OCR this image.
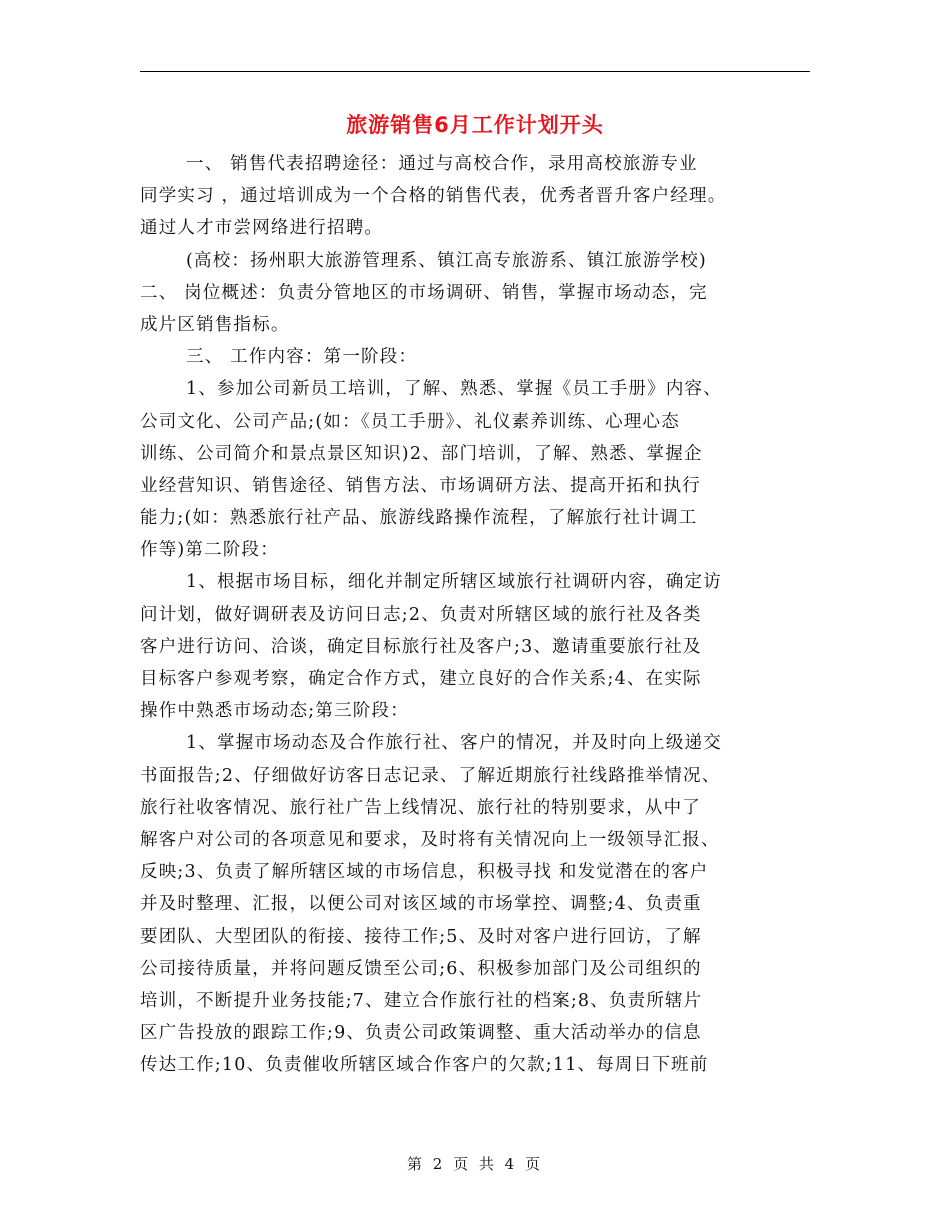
旅游销售6月工作计划开头
一、 销售代表招聘途径：通过与高校合作，录用高校旅游专业
同学实习 ，通过培训成为一个合格的销售代表，优秀者晋升客户经理。
通过人才市尝网络进行招聘。
(高校：扬州职大旅游管理系、镇江高专旅游系、镇江旅游学校)
二、 岗位概述：负责分管地区的市场调研、销售，掌握市场动态，完
成片区销售指标。
三、 工作内容：第一阶段：
1、参加公司新员工培训，了解、熟悉、掌握《员工手册》内容、
公司文化、公司产品;(如：《员工手册》、礼仪素养训练、心理心态
训练、公司简介和景点景区知识)2、部门培训，了解、熟悉、掌握企
业经营知识、销售途径、销售方法、市场调研方法、提高开拓和执行
能力;(如：熟悉旅行社产品、旅游线路操作流程，了解旅行社计调工
作等)第二阶段：
1、根据市场目标，细化并制定所辖区域旅行社调研内容，确定访
问计划，做好调研表及访问日志;2、负责对所辖区域的旅行社及各类
客户进行访问、洽谈，确定目标旅行社及客户;3、邀请重要旅行社及
目标客户参观考察，确定合作方式，建立良好的合作关系;4、在实际
操作中熟悉市场动态;第三阶段：
1、掌握市场动态及合作旅行社、客户的情况，并及时向上级递交
书面报告;2、仔细做好访客日志记录、了解近期旅行社线路推举情况、
旅行社收客情况、旅行社广告上线情况、旅行社的特别要求，从中了
解客户对公司的各项意见和要求，及时将有关情况向上一级领导汇报、
反映;3、负责了解所辖区域的市场信息，积极寻找 和发觉潜在的客户
并及时整理、汇报，以便公司对该区域的市场掌控、调整;4、负责重
要团队、大型团队的衔接、接待工作;5、及时对客户进行回访，了解
公司接待质量，并将问题反馈至公司;6、积极参加部门及公司组织的
培训，不断提升业务技能;7、建立合作旅行社的档案;8、负责所辖片
区广告投放的跟踪工作;9、负责公司政策调整、重大活动举办的信息
传达工作;10、负责催收所辖区域合作客户的欠款;11、每周日下班前
第 2 页 共 4 页
